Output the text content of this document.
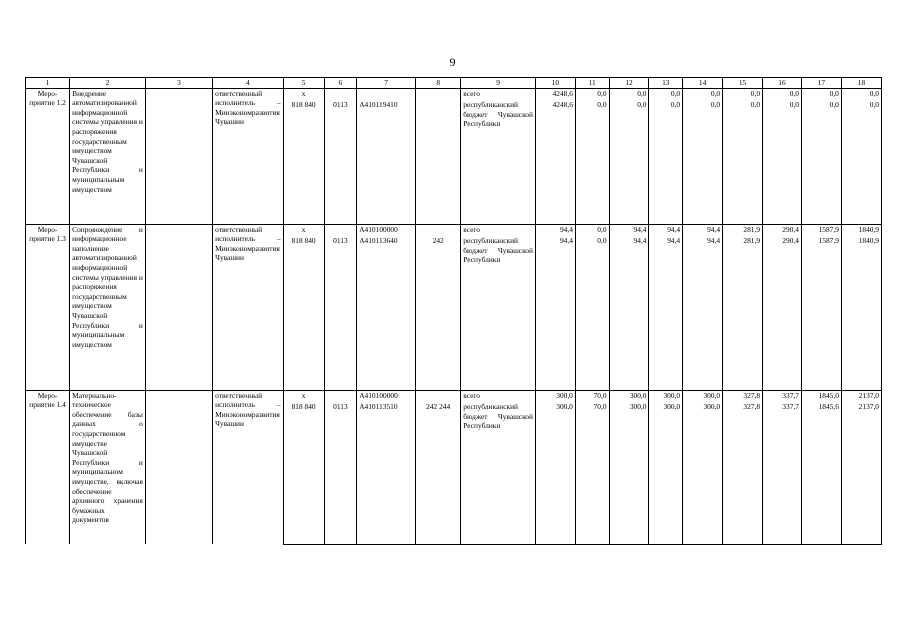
9
1	2	3	4	5	6	7	8	9	10	11	12	13	14	15	16	17	18
Меро-приятие 1.2	Внедрение автоматизированной информационной системы управления и распоряжения государственным имуществом Чувашской Республики и муниципальным имуществом		ответственный исполнитель – Минэкономразвития Чувашии	х				всего	4248,6	0,0	0,0	0,0	0,0	0,0	0,0	0,0	0,0
				818 840	0113	А410119410		республиканский бюджет Чувашской Республики	4248,6	0,0	0,0	0,0	0,0	0,0	0,0	0,0	0,0
Меро-приятие 1.3	Сопровождение и информационное наполнение автоматизированной информационной системы управления и распоряжения государственным имуществом Чувашской Республики и муниципальным имуществом		ответственный исполнитель – Минэкономразвития Чувашии	х		А410100000		всего	94,4	0,0	94,4	94,4	94,4	281,9	290,4	1587,9	1840,9
				818 840	0113	А410113640	242	республиканский бюджет Чувашской Республики	94,4	0,0	94,4	94,4	94,4	281,9	290,4	1587,9	1840,9
Меро-приятие 1.4	Материально-техническое обеспечение базы данных о государственном имуществе Чувашской Республики и муниципальном имуществе, включая обеспечение архивного хранения бумажных документов		ответственный исполнитель – Минэкономразвития Чувашии	х		А410100000		всего	300,0	70,0	300,0	300,0	300,0	327,8	337,7	1845,0	2137,0
				818 840	0113	А410113510	242 244	республиканский бюджет Чувашской Республики	300,0	70,0	300,0	300,0	300,0	327,8	337,7	1845,6	2137,0
